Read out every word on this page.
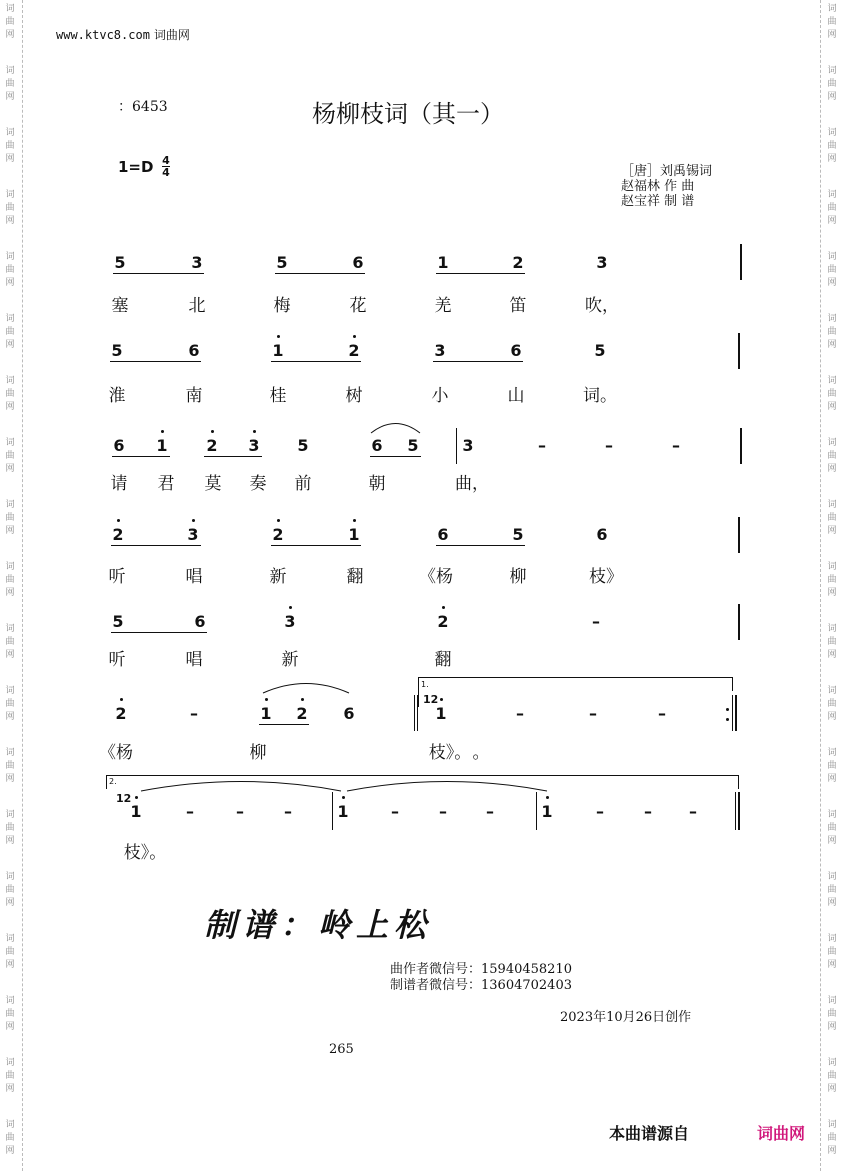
词
曲
网
词
曲
网
词
曲
网
词
曲
网
词
曲
网
词
曲
网
词
曲
网
词
曲
网
词
曲
网
词
曲
网
词
曲
网
词
曲
网
词
曲
网
词
曲
网
词
曲
网
词
曲
网
词
曲
网
词
曲
网
词
曲
网
词
曲
网
词
曲
网
词
曲
网
词
曲
网
词
曲
网
词
曲
网
词
曲
网
词
曲
网
词
曲
网
词
曲
网
词
曲
网
词
曲
网
词
曲
网
词
曲
网
词
曲
网
词
曲
网
词
曲
网
词
曲
网
词
曲
网
www.ktvc8.com 词曲网
：6453	杨柳枝词（其一）
1=D 4
4	［唐］刘禹锡词
赵福林 作 曲
赵宝祥 制 谱
5	3	5	6	1	2	3
塞	北	梅	花	羌	笛	吹，
5	6	1	2	3	6	5
淮	南	桂	树	小	山	词。
6 1 2 3 5	6 5	3	–	–	–
请 君 莫 奏 前	朝	曲，
2	3	2	1	6	5	6
听	唱	新	翻	《杨	柳	枝》
5	6	3	2	–
听	唱	新	翻
2	–	1 2 6	1	–	–	–
1.
12
《杨	柳	枝》。 。
1	–	–	–	1	–	– –	1	–	– –
2.
12
枝》。
制谱：岭上松
曲作者微信号：15940458210
制谱者微信号：13604702403
2023年10月26日创作
265
本曲谱源自	词曲网
